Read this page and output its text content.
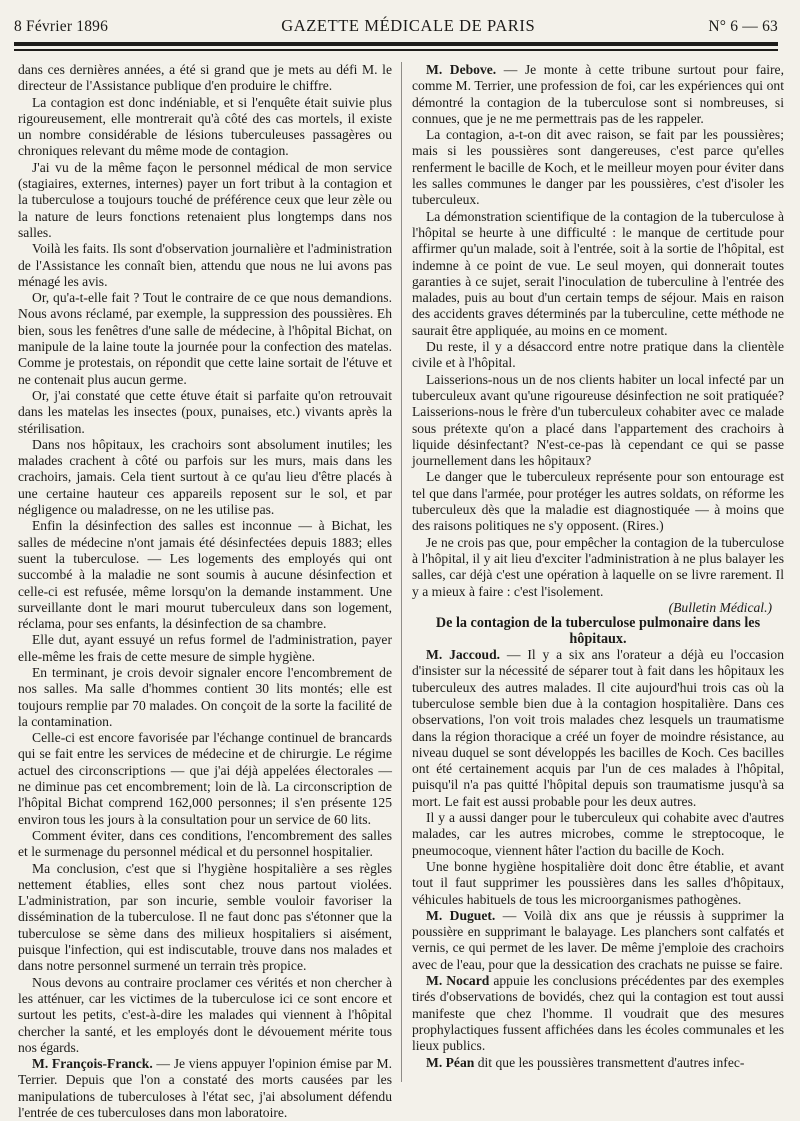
8 Février 1896	GAZETTE MÉDICALE DE PARIS	N° 6 — 63

dans ces dernières années, a été si grand que je mets au défi M. le directeur de l'Assistance publique d'en produire le chiffre.

La contagion est donc indéniable, et si l'enquête était suivie plus rigoureusement, elle montrerait qu'à côté des cas mortels, il existe un nombre considérable de lésions tuberculeuses passagères ou chroniques relevant du même mode de contagion.

J'ai vu de la même façon le personnel médical de mon service (stagiaires, externes, internes) payer un fort tribut à la contagion et la tuberculose a toujours touché de préférence ceux que leur zèle ou la nature de leurs fonctions retenaient plus longtemps dans nos salles.

Voilà les faits. Ils sont d'observation journalière et l'administration de l'Assistance les connaît bien, attendu que nous ne lui avons pas ménagé les avis.

Or, qu'a-t-elle fait ? Tout le contraire de ce que nous demandions. Nous avons réclamé, par exemple, la suppression des poussières. Eh bien, sous les fenêtres d'une salle de médecine, à l'hôpital Bichat, on manipule de la laine toute la journée pour la confection des matelas. Comme je protestais, on répondit que cette laine sortait de l'étuve et ne contenait plus aucun germe.

Or, j'ai constaté que cette étuve était si parfaite qu'on retrouvait dans les matelas les insectes (poux, punaises, etc.) vivants après la stérilisation.

Dans nos hôpitaux, les crachoirs sont absolument inutiles; les malades crachent à côté ou parfois sur les murs, mais dans les crachoirs, jamais. Cela tient surtout à ce qu'au lieu d'être placés à une certaine hauteur ces appareils reposent sur le sol, et par négligence ou maladresse, on ne les utilise pas.

Enfin la désinfection des salles est inconnue — à Bichat, les salles de médecine n'ont jamais été désinfectées depuis 1883; elles suent la tuberculose. — Les logements des employés qui ont succombé à la maladie ne sont soumis à aucune désinfection et celle-ci est refusée, même lorsqu'on la demande instamment. Une surveillante dont le mari mourut tuberculeux dans son logement, réclama, pour ses enfants, la désinfection de sa chambre.

Elle dut, ayant essuyé un refus formel de l'administration, payer elle-même les frais de cette mesure de simple hygiène.

En terminant, je crois devoir signaler encore l'encombrement de nos salles. Ma salle d'hommes contient 30 lits montés; elle est toujours remplie par 70 malades. On conçoit de la sorte la facilité de la contamination.

Celle-ci est encore favorisée par l'échange continuel de brancards qui se fait entre les services de médecine et de chirurgie. Le régime actuel des circonscriptions — que j'ai déjà appelées électorales — ne diminue pas cet encombrement; loin de là. La circonscription de l'hôpital Bichat comprend 162,000 personnes; il s'en présente 125 environ tous les jours à la consultation pour un service de 60 lits.

Comment éviter, dans ces conditions, l'encombrement des salles et le surmenage du personnel médical et du personnel hospitalier.

Ma conclusion, c'est que si l'hygiène hospitalière a ses règles nettement établies, elles sont chez nous partout violées. L'administration, par son incurie, semble vouloir favoriser la dissémination de la tuberculose. Il ne faut donc pas s'étonner que la tuberculose se sème dans des milieux hospitaliers si aisément, puisque l'infection, qui est indiscutable, trouve dans nos malades et dans notre personnel surmené un terrain très propice.

Nous devons au contraire proclamer ces vérités et non chercher à les atténuer, car les victimes de la tuberculose ici ce sont encore et surtout les petits, c'est-à-dire les malades qui viennent à l'hôpital chercher la santé, et les employés dont le dévouement mérite tous nos égards.

M. François-Franck. — Je viens appuyer l'opinion émise par M. Terrier. Depuis que l'on a constaté des morts causées par les manipulations de tuberculoses à l'état sec, j'ai absolument défendu l'entrée de ces tuberculoses dans mon laboratoire.

M. Debove. — Je monte à cette tribune surtout pour faire, comme M. Terrier, une profession de foi, car les expériences qui ont démontré la contagion de la tuberculose sont si nombreuses, si connues, que je ne me permettrais pas de les rappeler.

La contagion, a-t-on dit avec raison, se fait par les poussières; mais si les poussières sont dangereuses, c'est parce qu'elles renferment le bacille de Koch, et le meilleur moyen pour éviter dans les salles communes le danger par les poussières, c'est d'isoler les tuberculeux.

La démonstration scientifique de la contagion de la tuberculose à l'hôpital se heurte à une difficulté : le manque de certitude pour affirmer qu'un malade, soit à l'entrée, soit à la sortie de l'hôpital, est indemne à ce point de vue. Le seul moyen, qui donnerait toutes garanties à ce sujet, serait l'inoculation de tuberculine à l'entrée des malades, puis au bout d'un certain temps de séjour. Mais en raison des accidents graves déterminés par la tuberculine, cette méthode ne saurait être appliquée, au moins en ce moment.

Du reste, il y a désaccord entre notre pratique dans la clientèle civile et à l'hôpital.

Laisserions-nous un de nos clients habiter un local infecté par un tuberculeux avant qu'une rigoureuse désinfection ne soit pratiquée? Laisserions-nous le frère d'un tuberculeux cohabiter avec ce malade sous prétexte qu'on a placé dans l'appartement des crachoirs à liquide désinfectant? N'est-ce-pas là cependant ce qui se passe journellement dans les hôpitaux?

Le danger que le tuberculeux représente pour son entourage est tel que dans l'armée, pour protéger les autres soldats, on réforme les tuberculeux dès que la maladie est diagnostiquée — à moins que des raisons politiques ne s'y opposent. (Rires.)

Je ne crois pas que, pour empêcher la contagion de la tuberculose à l'hôpital, il y ait lieu d'exciter l'administration à ne plus balayer les salles, car déjà c'est une opération à laquelle on se livre rarement. Il y a mieux à faire : c'est l'isolement.

(Bulletin Médical.)

De la contagion de la tuberculose pulmonaire dans les hôpitaux.

M. Jaccoud. — Il y a six ans l'orateur a déjà eu l'occasion d'insister sur la nécessité de séparer tout à fait dans les hôpitaux les tuberculeux des autres malades. Il cite aujourd'hui trois cas où la tuberculose semble bien due à la contagion hospitalière. Dans ces observations, l'on voit trois malades chez lesquels un traumatisme dans la région thoracique a créé un foyer de moindre résistance, au niveau duquel se sont développés les bacilles de Koch. Ces bacilles ont été certainement acquis par l'un de ces malades à l'hôpital, puisqu'il n'a pas quitté l'hôpital depuis son traumatisme jusqu'à sa mort. Le fait est aussi probable pour les deux autres.

Il y a aussi danger pour le tuberculeux qui cohabite avec d'autres malades, car les autres microbes, comme le streptocoque, le pneumocoque, viennent hâter l'action du bacille de Koch.

Une bonne hygiène hospitalière doit donc être établie, et avant tout il faut supprimer les poussières dans les salles d'hôpitaux, véhicules habituels de tous les microorganismes pathogènes.

M. Duguet. — Voilà dix ans que je réussis à supprimer la poussière en supprimant le balayage. Les planchers sont calfatés et vernis, ce qui permet de les laver. De même j'emploie des crachoirs avec de l'eau, pour que la dessication des crachats ne puisse se faire.

M. Nocard appuie les conclusions précédentes par des exemples tirés d'observations de bovidés, chez qui la contagion est tout aussi manifeste que chez l'homme. Il voudrait que des mesures prophylactiques fussent affichées dans les écoles communales et les lieux publics.

M. Péan dit que les poussières transmettent d'autres infec-
